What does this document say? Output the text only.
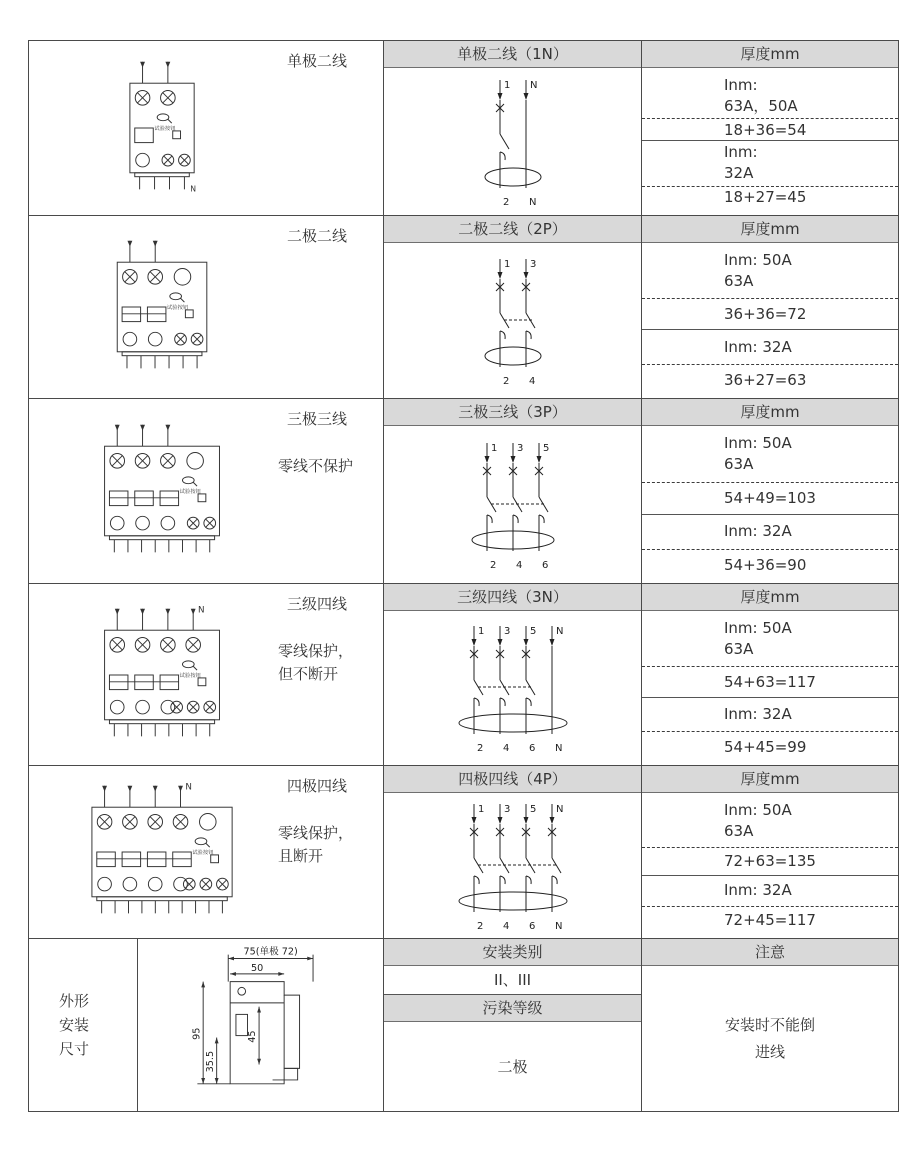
试验按钮
N
单极二线	单极二线（1N）
1
2
N
N
厚度mm
Inm:
63A，50A
18+36=54
Inm:
32A
18+27=45
试验按钮
二极二线	二极二线（2P）
1
2
3
4
厚度mm
Inm: 50A
63A
36+36=72
Inm: 32A
36+27=63
试验按钮
三极三线
零线不保护
三极三线（3P）
1
2
3
4
5
6
厚度mm
Inm: 50A
63A
54+49=103
Inm: 32A
54+36=90
N
试验按钮
三级四线
零线保护，
但不断开
三级四线（3N）
1
2
3
4
5
6
N
N
厚度mm
Inm: 50A
63A
54+63=117
Inm: 32A
54+45=99
N
试验按钮
四极四线
零线保护，
且断开
四极四线（4P）
1
2
3
4
5
6
N
N
厚度mm
Inm: 50A
63A
72+63=135
Inm: 32A
72+45=117
外形
安装
尺寸
75(单极 72)
50
95
35.5
45
安装类别
II、III
污染等级
二极
注意
安装时不能倒
进线
